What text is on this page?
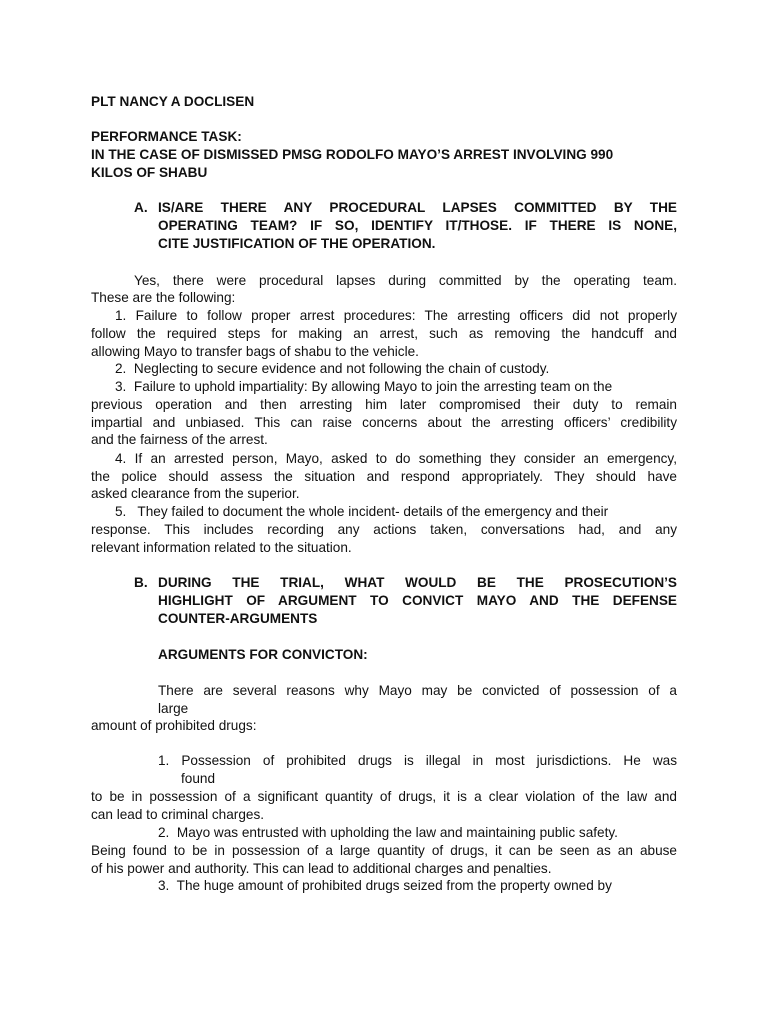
PLT NANCY A DOCLISEN
PERFORMANCE TASK:
IN THE CASE OF DISMISSED PMSG RODOLFO MAYO’S ARREST INVOLVING 990
KILOS OF SHABU
A. IS/ARE THERE ANY PROCEDURAL LAPSES COMMITTED BY THE
OPERATING TEAM? IF SO, IDENTIFY IT/THOSE. IF THERE IS NONE,
CITE JUSTIFICATION OF THE OPERATION.
Yes, there were procedural lapses during committed by the operating team.
These are the following:
1. Failure to follow proper arrest procedures: The arresting officers did not properly
follow the required steps for making an arrest, such as removing the handcuff and
allowing Mayo to transfer bags of shabu to the vehicle.
2.  Neglecting to secure evidence and not following the chain of custody.
3.  Failure to uphold impartiality: By allowing Mayo to join the arresting team on the
previous operation and then arresting him later compromised their duty to remain
impartial and unbiased. This can raise concerns about the arresting officers’ credibility
and the fairness of the arrest.
4. If an arrested person, Mayo, asked to do something they consider an emergency,
the police should assess the situation and respond appropriately. They should have
asked clearance from the superior.
5.   They failed to document the whole incident- details of the emergency and their
response. This includes recording any actions taken, conversations had, and any
relevant information related to the situation.
B. DURING THE TRIAL, WHAT WOULD BE THE PROSECUTION’S
HIGHLIGHT OF ARGUMENT TO CONVICT MAYO AND THE DEFENSE
COUNTER-ARGUMENTS
ARGUMENTS FOR CONVICTON:
There are several reasons why Mayo may be convicted of possession of a
large
amount of prohibited drugs:
1. Possession of prohibited drugs is illegal in most jurisdictions. He was
found
to be in possession of a significant quantity of drugs, it is a clear violation of the law and
can lead to criminal charges.
2.  Mayo was entrusted with upholding the law and maintaining public safety.
Being found to be in possession of a large quantity of drugs, it can be seen as an abuse
of his power and authority. This can lead to additional charges and penalties.
3.  The huge amount of prohibited drugs seized from the property owned by
